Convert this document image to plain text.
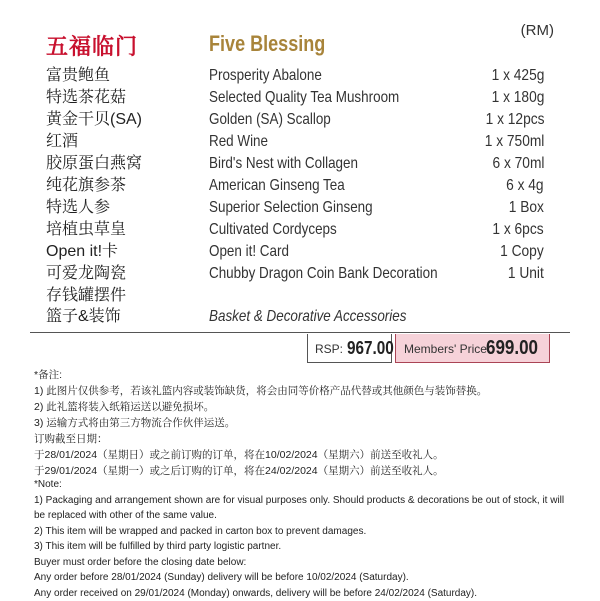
(RM)
五福临门	Five Blessing
富贵鲍鱼	Prosperity Abalone	1 x 425g
特选茶花菇	Selected Quality Tea Mushroom	1 x 180g
黄金干贝(SA)	Golden (SA) Scallop	1 x 12pcs
红酒	Red Wine	1 x 750ml
胶原蛋白燕窝	Bird's Nest with Collagen	6 x 70ml
纯花旗参茶	American Ginseng Tea	6 x 4g
特选人参	Superior Selection Ginseng	1 Box
培植虫草皇	Cultivated Cordyceps	1 x 6pcs
Open it!卡	Open it! Card	1 Copy
可爱龙陶瓷
存钱罐摆件
Chubby Dragon Coin Bank Decoration	1 Unit
篮子&装饰	Basket & Decorative Accessories
RSP: 967.00 Members' Price:
699.00

*备注:

1) 此图片仅供参考，若该礼篮内容或装饰缺货，将会由同等价格产品代替或其他颜色与装饰替换。

2) 此礼篮将装入纸箱运送以避免损坏。

3) 运输方式将由第三方物流合作伙伴运送。

订购截至日期：

于28/01/2024（星期日）或之前订购的订单，将在10/02/2024（星期六）前送至收礼人。

于29/01/2024（星期一）或之后订购的订单，将在24/02/2024（星期六）前送至收礼人。

*Note:

1) Packaging and arrangement shown are for visual purposes only. Should products & decorations be out of stock, it will be replaced with other of the same value.

2) This item will be wrapped and packed in carton box to prevent damages.

3) This item will be fulfilled by third party logistic partner.

Buyer must order before the closing date below:

Any order before 28/01/2024 (Sunday) delivery will be before 10/02/2024 (Saturday).

Any order received on 29/01/2024 (Monday) onwards, delivery will be before 24/02/2024 (Saturday).
